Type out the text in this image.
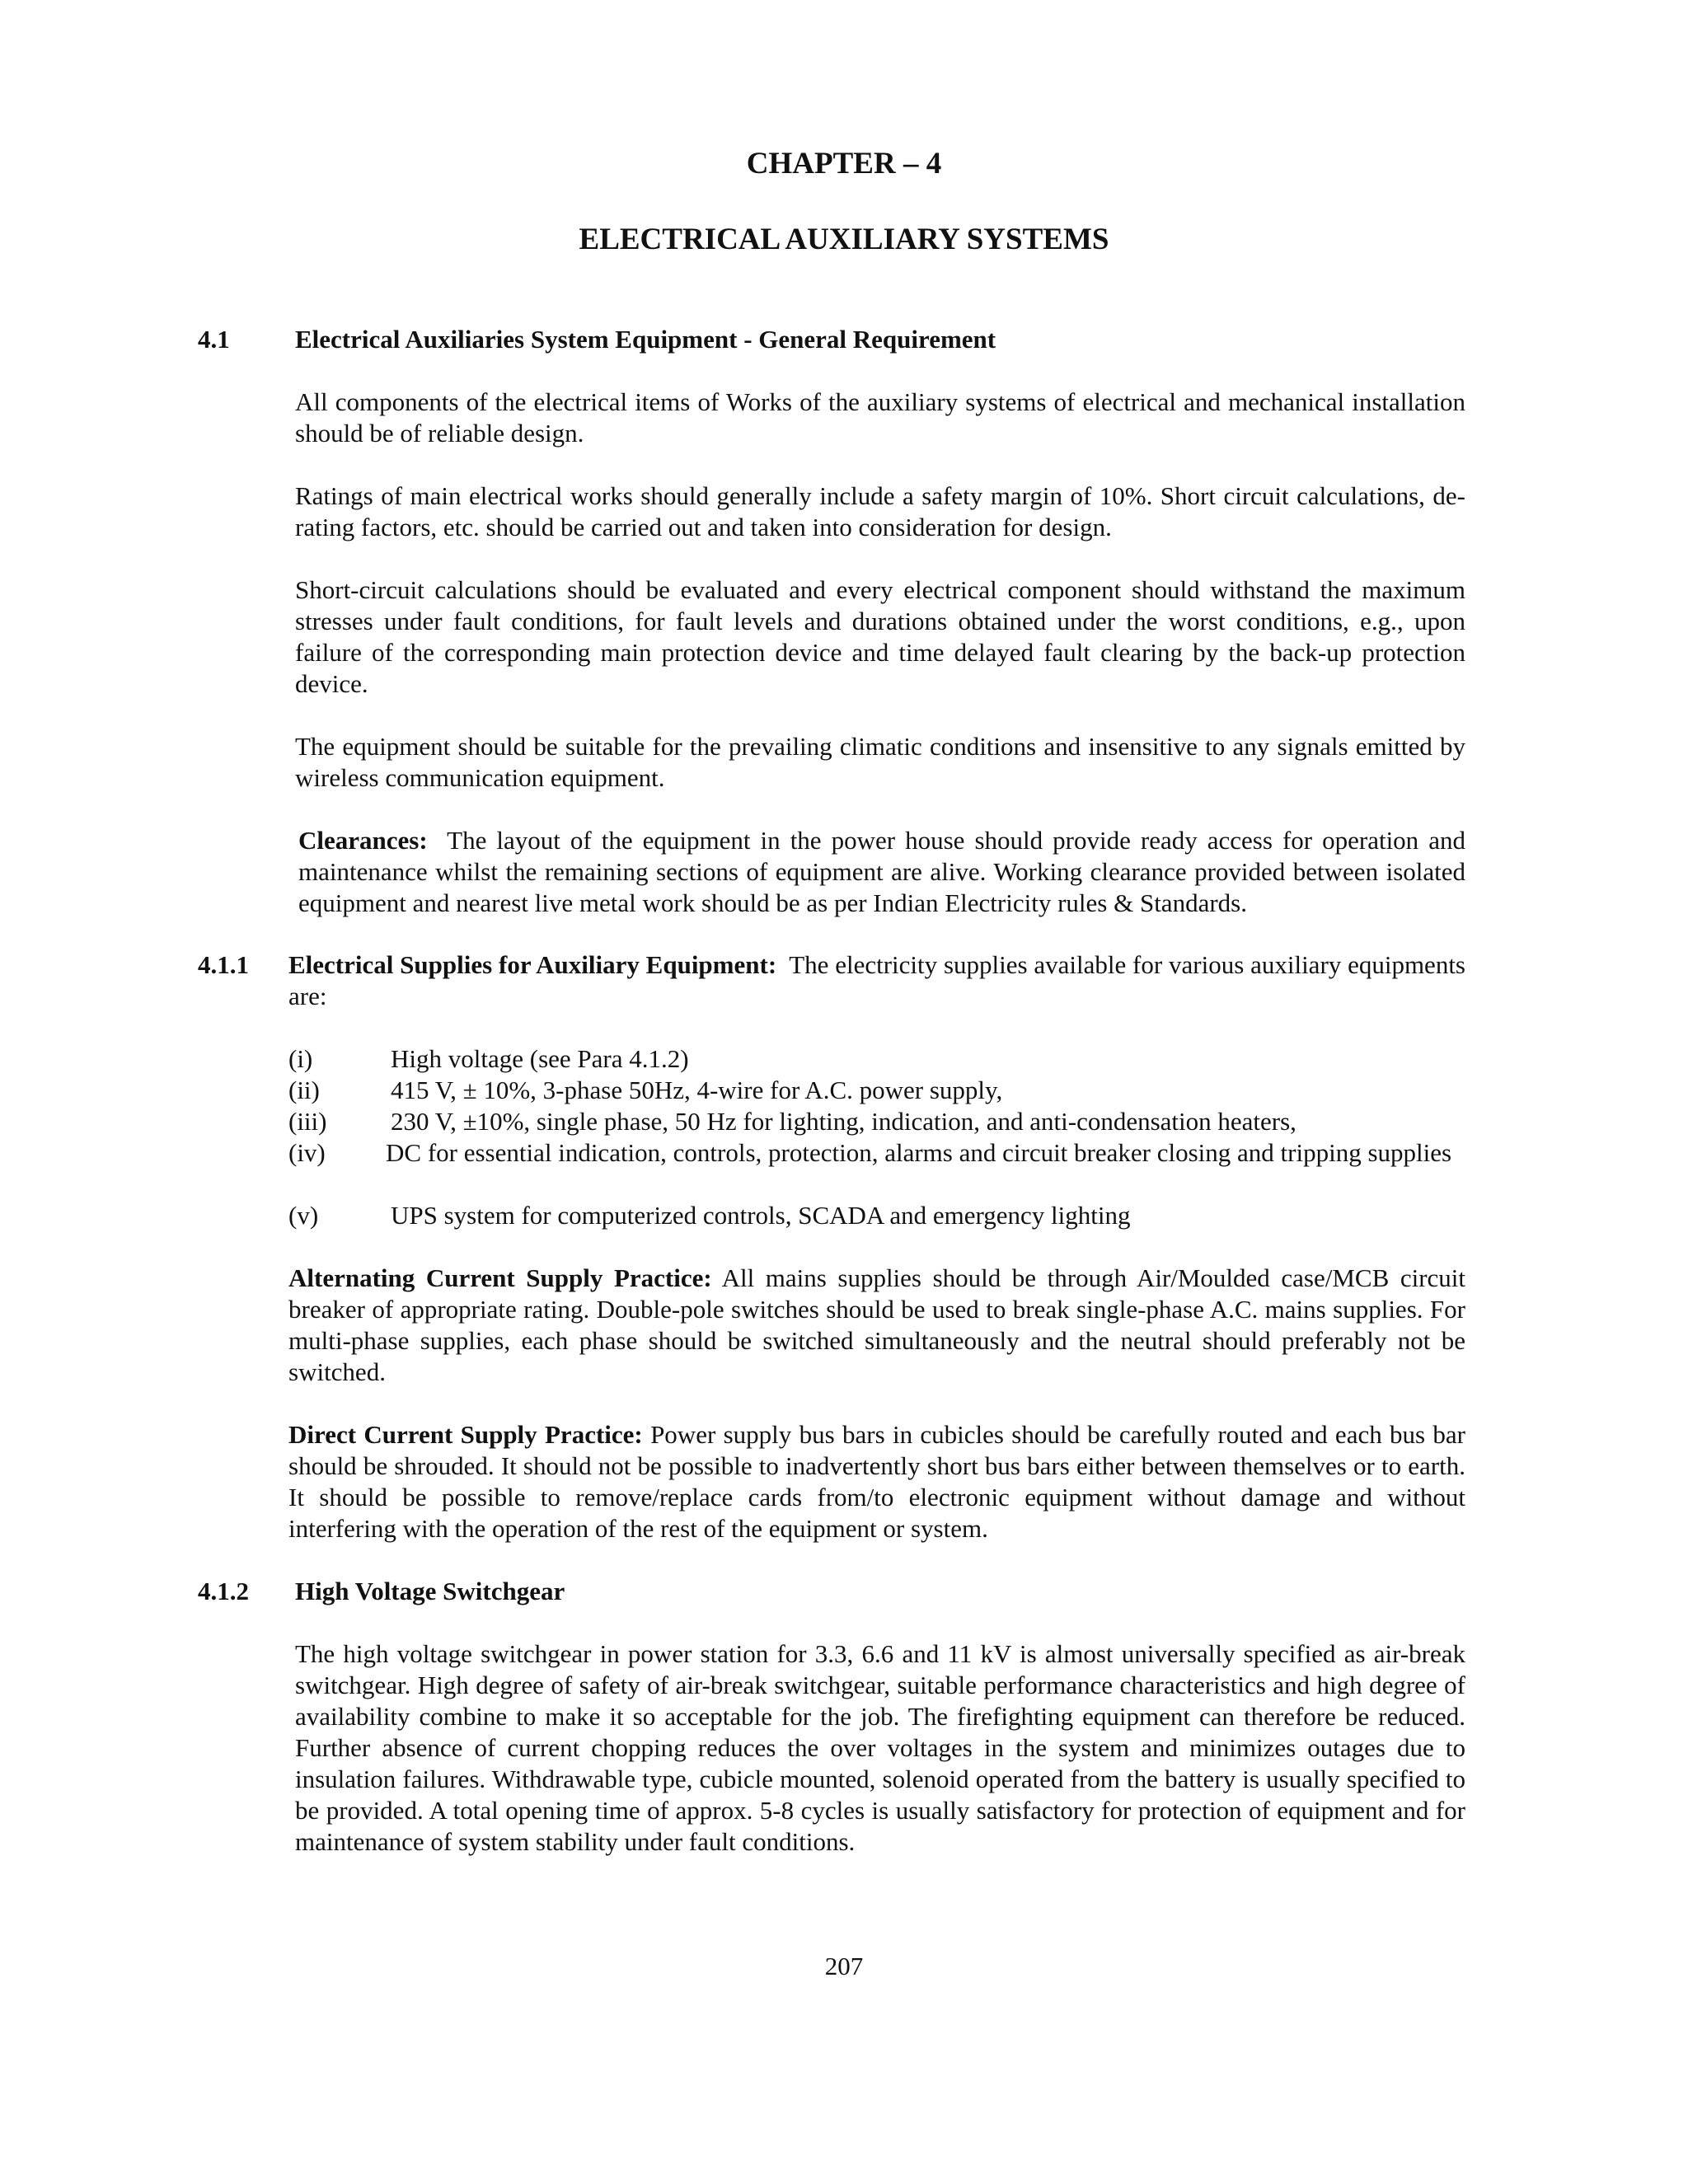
CHAPTER – 4
ELECTRICAL AUXILIARY SYSTEMS
4.1	Electrical Auxiliaries System Equipment - General Requirement

All components of the electrical items of Works of the auxiliary systems of electrical and mechanical installation should be of reliable design.

Ratings of main electrical works should generally include a safety margin of 10%. Short circuit calculations, de-rating factors, etc. should be carried out and taken into consideration for design.

Short-circuit calculations should be evaluated and every electrical component should withstand the maximum stresses under fault conditions, for fault levels and durations obtained under the worst conditions, e.g., upon failure of the corresponding main protection device and time delayed fault clearing by the back-up protection device.

The equipment should be suitable for the prevailing climatic conditions and insensitive to any signals emitted by wireless communication equipment.

Clearances: The layout of the equipment in the power house should provide ready access for operation and maintenance whilst the remaining sections of equipment are alive. Working clearance provided between isolated equipment and nearest live metal work should be as per Indian Electricity rules & Standards.

4.1.1 Electrical Supplies for Auxiliary Equipment: The electricity supplies available for various auxiliary equipments are:

(i)	High voltage (see Para 4.1.2)
(ii)	415 V, ± 10%, 3-phase 50Hz, 4-wire for A.C. power supply,
(iii)	230 V, ±10%, single phase, 50 Hz for lighting, indication, and anti-condensation heaters,
(iv) DC for essential indication, controls, protection, alarms and circuit breaker closing and tripping supplies
(v)	UPS system for computerized controls, SCADA and emergency lighting

Alternating Current Supply Practice: All mains supplies should be through Air/Moulded case/MCB circuit breaker of appropriate rating. Double-pole switches should be used to break single-phase A.C. mains supplies. For multi-phase supplies, each phase should be switched simultaneously and the neutral should preferably not be switched.

Direct Current Supply Practice: Power supply bus bars in cubicles should be carefully routed and each bus bar should be shrouded. It should not be possible to inadvertently short bus bars either between themselves or to earth. It should be possible to remove/replace cards from/to electronic equipment without damage and without interfering with the operation of the rest of the equipment or system.

4.1.2 High Voltage Switchgear

The high voltage switchgear in power station for 3.3, 6.6 and 11 kV is almost universally specified as air-break switchgear. High degree of safety of air-break switchgear, suitable performance characteristics and high degree of availability combine to make it so acceptable for the job. The firefighting equipment can therefore be reduced. Further absence of current chopping reduces the over voltages in the system and minimizes outages due to insulation failures. Withdrawable type, cubicle mounted, solenoid operated from the battery is usually specified to be provided. A total opening time of approx. 5-8 cycles is usually satisfactory for protection of equipment and for maintenance of system stability under fault conditions.

207
